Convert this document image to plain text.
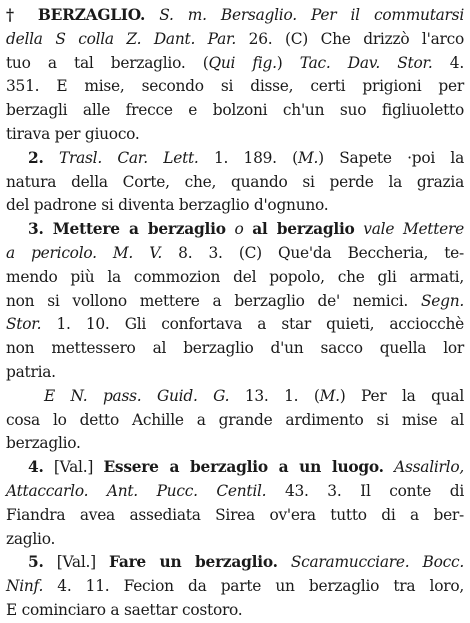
† BERZAGLIO. S. m. Bersaglio. Per il commutarsi
della S colla Z. Dant. Par. 26. (C) Che drizzò l'arco
tuo a tal berzaglio. (Qui fig.) Tac. Dav. Stor. 4.
351. E mise, secondo si disse, certi prigioni per
berzagli alle frecce e bolzoni ch'un suo figliuoletto
tirava per giuoco.
2. Trasl. Car. Lett. 1. 189. (M.) Sapete ·poi la
natura della Corte, che, quando si perde la grazia
del padrone si diventa berzaglio d'ognuno.
3. Mettere a berzaglio o al berzaglio vale Mettere
a pericolo. M. V. 8. 3. (C) Que'da Beccheria, te-
mendo più la commozion del popolo, che gli armati,
non si vollono mettere a berzaglio de' nemici. Segn.
Stor. 1. 10. Gli confortava a star quieti, acciocchè
non mettessero al berzaglio d'un sacco quella lor
patria.
E N. pass. Guid. G. 13. 1. (M.) Per la qual
cosa lo detto Achille a grande ardimento si mise al
berzaglio.
4. [Val.] Essere a berzaglio a un luogo. Assalirlo,
Attaccarlo. Ant. Pucc. Centil. 43. 3. Il conte di
Fiandra avea assediata Sirea ov'era tutto di a ber-
zaglio.
5. [Val.] Fare un berzaglio. Scaramucciare. Bocc.
Ninf. 4. 11. Fecion da parte un berzaglio tra loro,
E cominciaro a saettar costoro.
